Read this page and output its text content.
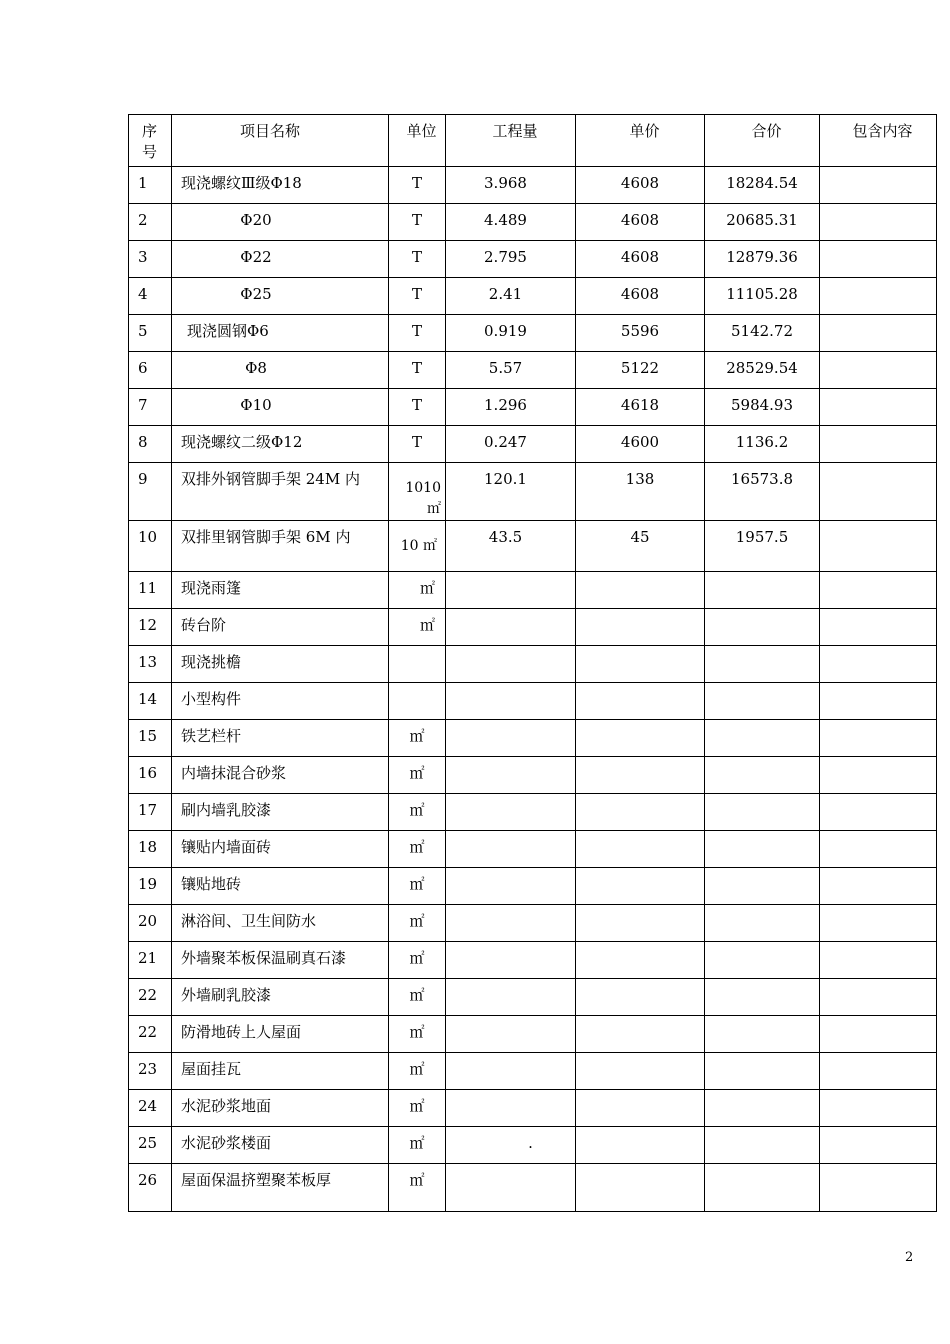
序号	项目名称	单位	工程量	单价	合价	包含内容
1	现浇螺纹Ⅲ级Φ18	T	3.968	4608	18284.54	
2	Φ20	T	4.489	4608	20685.31	
3	Φ22	T	2.795	4608	12879.36	
4	Φ25	T	2.41	4608	11105.28	
5	现浇圆钢Φ6	T	0.919	5596	5142.72	
6	Φ8	T	5.57	5122	28529.54	
7	Φ10	T	1.296	4618	5984.93	
8	现浇螺纹二级Φ12	T	0.247	4600	1136.2	
9	双排外钢管脚手架 24M 内	1010 ㎡	120.1	138	16573.8	
10	双排里钢管脚手架 6M 内	10 ㎡	43.5	45	1957.5	
11	现浇雨篷	㎡				
12	砖台阶	㎡				
13	现浇挑檐					
14	小型构件					
15	铁艺栏杆	㎡				
16	内墙抹混合砂浆	㎡				
17	刷内墙乳胶漆	㎡				
18	镶贴内墙面砖	㎡				
19	镶贴地砖	㎡				
20	淋浴间、卫生间防水	㎡				
21	外墙聚苯板保温刷真石漆	㎡				
22	外墙刷乳胶漆	㎡				
22	防滑地砖上人屋面	㎡				
23	屋面挂瓦	㎡				
24	水泥砂浆地面	㎡				
25	水泥砂浆楼面	㎡	.			
26	屋面保温挤塑聚苯板厚	㎡				
2
